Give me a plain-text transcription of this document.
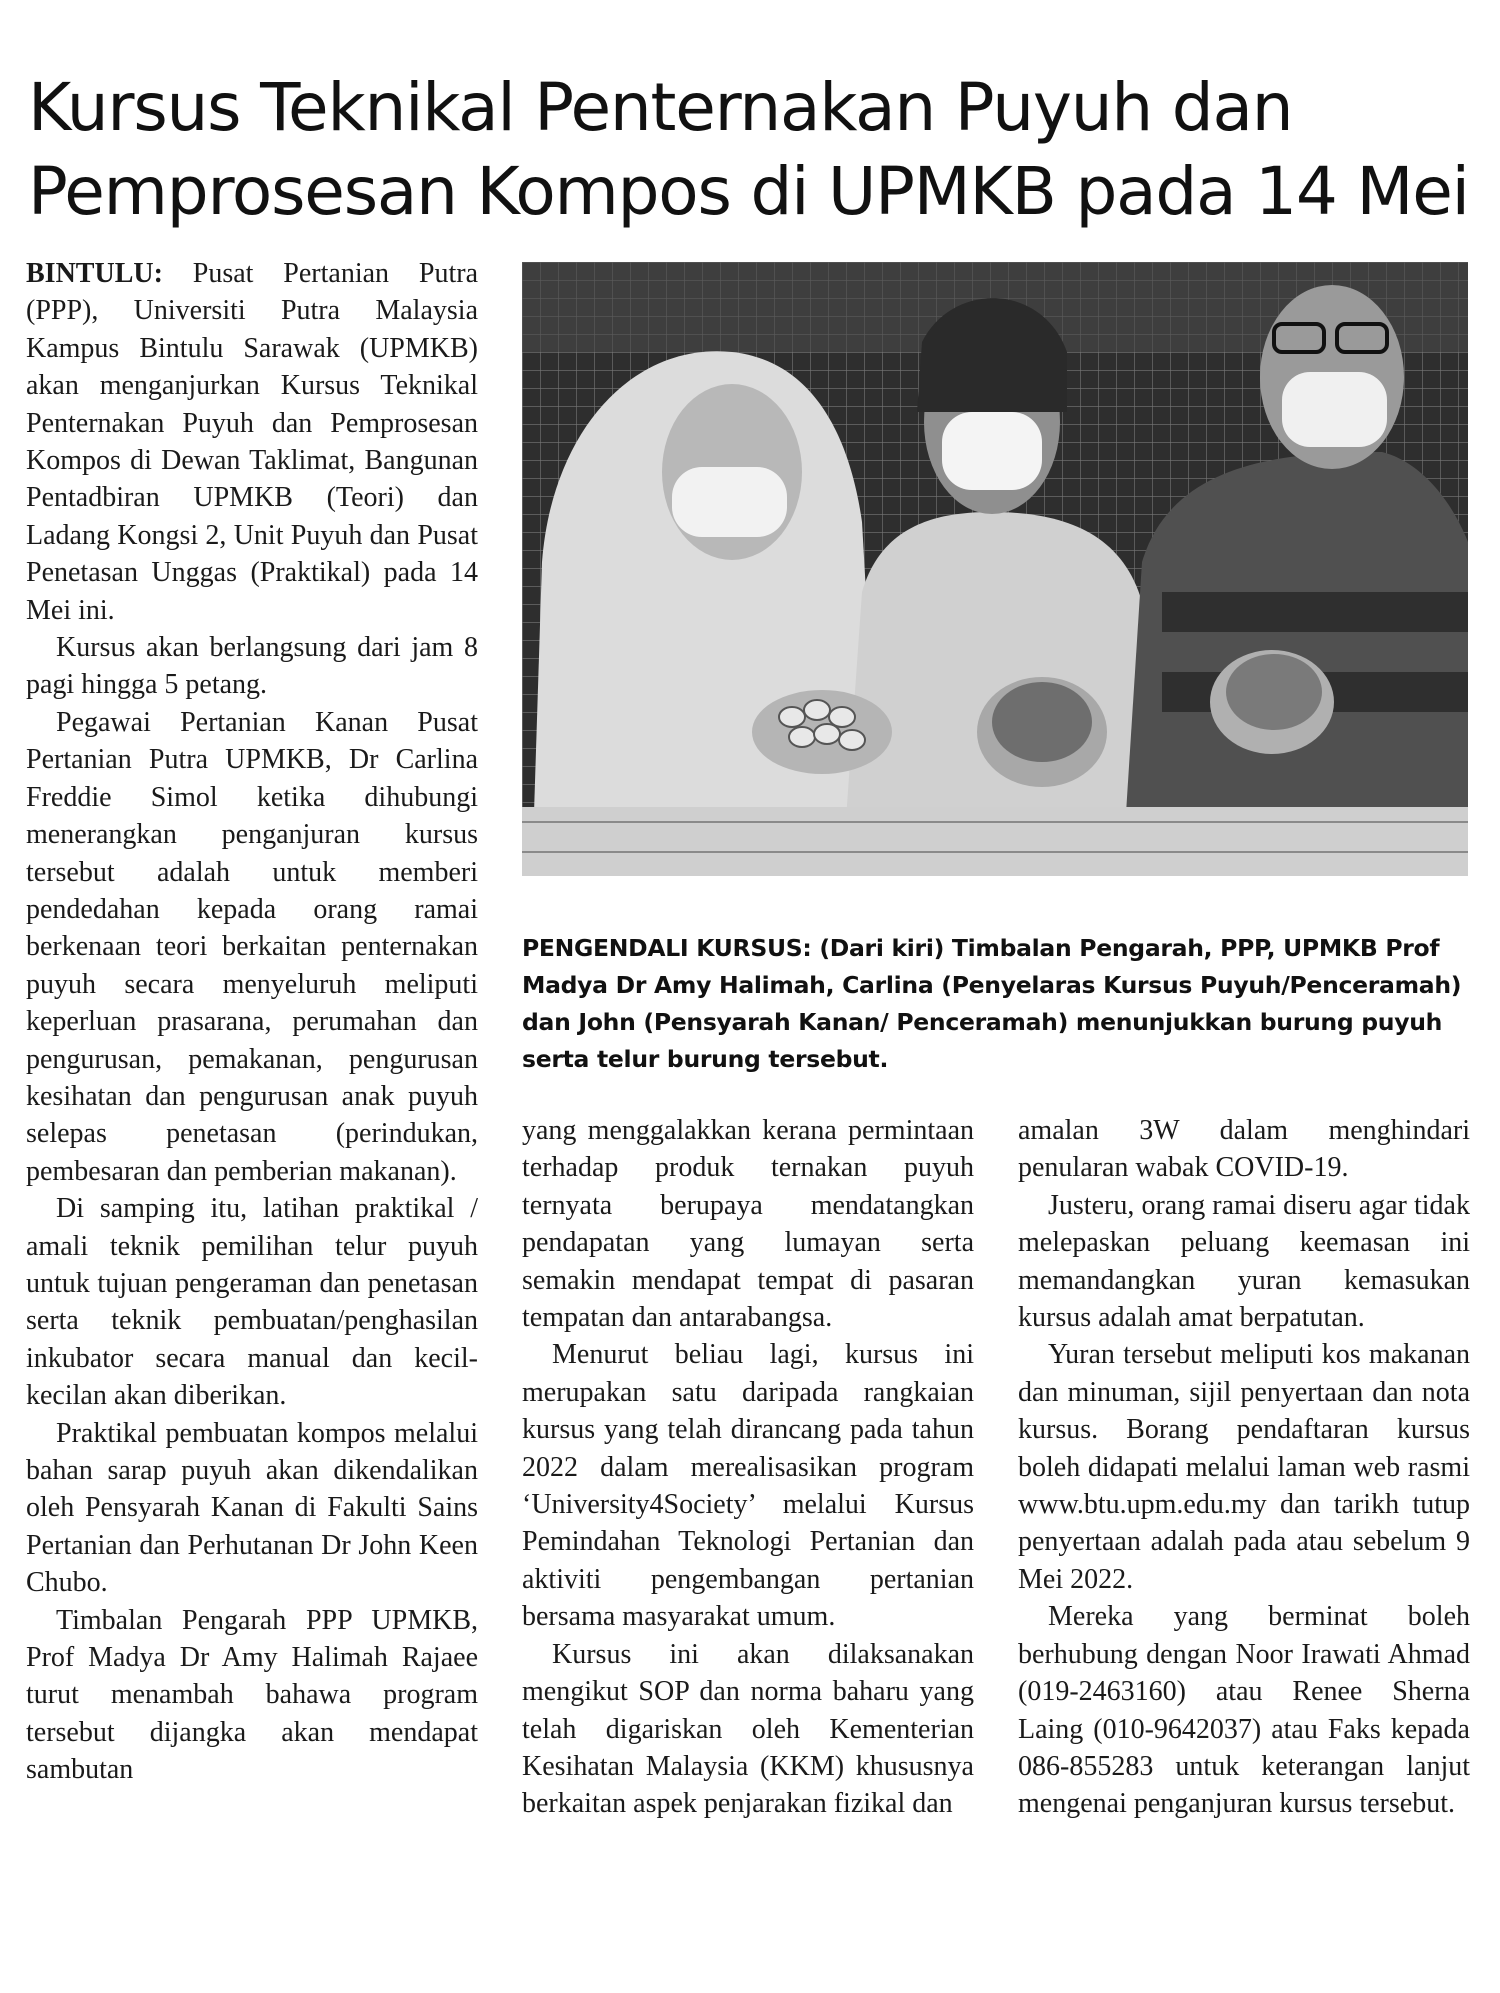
Kursus Teknikal Penternakan Puyuh dan
Pemprosesan Kompos di UPMKB pada 14 Mei

BINTULU: Pusat Pertanian Putra (PPP), Universiti Putra Malaysia Kampus Bintulu Sarawak (UPMKB) akan menganjurkan Kursus Teknikal Penternakan Puyuh dan Pemprosesan Kompos di Dewan Taklimat, Bangunan Pentadbiran UPMKB (Teori) dan Ladang Kongsi 2, Unit Puyuh dan Pusat Penetasan Unggas (Praktikal) pada 14 Mei ini.

Kursus akan berlangsung dari jam 8 pagi hingga 5 petang.

Pegawai Pertanian Kanan Pusat Pertanian Putra UPMKB, Dr Carlina Freddie Simol ketika dihubungi menerangkan penganjuran kursus tersebut adalah untuk memberi pendedahan kepada orang ramai berkenaan teori berkaitan penternakan puyuh secara menyeluruh meliputi keperluan prasarana, perumahan dan pengurusan, pemakanan, pengurusan kesihatan dan pengurusan anak puyuh selepas penetasan (perindukan, pembesaran dan pemberian makanan).

Di samping itu, latihan praktikal / amali teknik pemilihan telur puyuh untuk tujuan pengeraman dan penetasan serta teknik pembuatan/penghasilan inkubator secara manual dan kecil-kecilan akan diberikan.

Praktikal pembuatan kompos melalui bahan sarap puyuh akan dikendalikan oleh Pensyarah Kanan di Fakulti Sains Pertanian dan Perhutanan Dr John Keen Chubo.

Timbalan Pengarah PPP UPMKB, Prof Madya Dr Amy Halimah Rajaee turut menambah bahawa program tersebut dijangka akan mendapat sambutan

PENGENDALI KURSUS: (Dari kiri) Timbalan Pengarah, PPP, UPMKB Prof Madya Dr Amy Halimah, Carlina (Penyelaras Kursus Puyuh/Penceramah) dan John (Pensyarah Kanan/ Penceramah) menunjukkan burung puyuh serta telur burung tersebut.

yang menggalakkan kerana permintaan terhadap produk ternakan puyuh ternyata berupaya mendatangkan pendapatan yang lumayan serta semakin mendapat tempat di pasaran tempatan dan antarabangsa.

Menurut beliau lagi, kursus ini merupakan satu daripada rangkaian kursus yang telah dirancang pada tahun 2022 dalam merealisasikan program ‘University4Society’ melalui Kursus Pemindahan Teknologi Pertanian dan aktiviti pengembangan pertanian bersama masyarakat umum.

Kursus ini akan dilaksanakan mengikut SOP dan norma baharu yang telah digariskan oleh Kementerian Kesihatan Malaysia (KKM) khususnya berkaitan aspek penjarakan fizikal dan

amalan 3W dalam menghindari penularan wabak COVID-19.

Justeru, orang ramai diseru agar tidak melepaskan peluang keemasan ini memandangkan yuran kemasukan kursus adalah amat berpatutan.

Yuran tersebut meliputi kos makanan dan minuman, sijil penyertaan dan nota kursus. Borang pendaftaran kursus boleh didapati melalui laman web rasmi www.btu.upm.edu.my dan tarikh tutup penyertaan adalah pada atau sebelum 9 Mei 2022.

Mereka yang berminat boleh berhubung dengan Noor Irawati Ahmad (019-2463160) atau Renee Sherna Laing (010-9642037) atau Faks kepada 086-855283 untuk keterangan lanjut mengenai penganjuran kursus tersebut.
